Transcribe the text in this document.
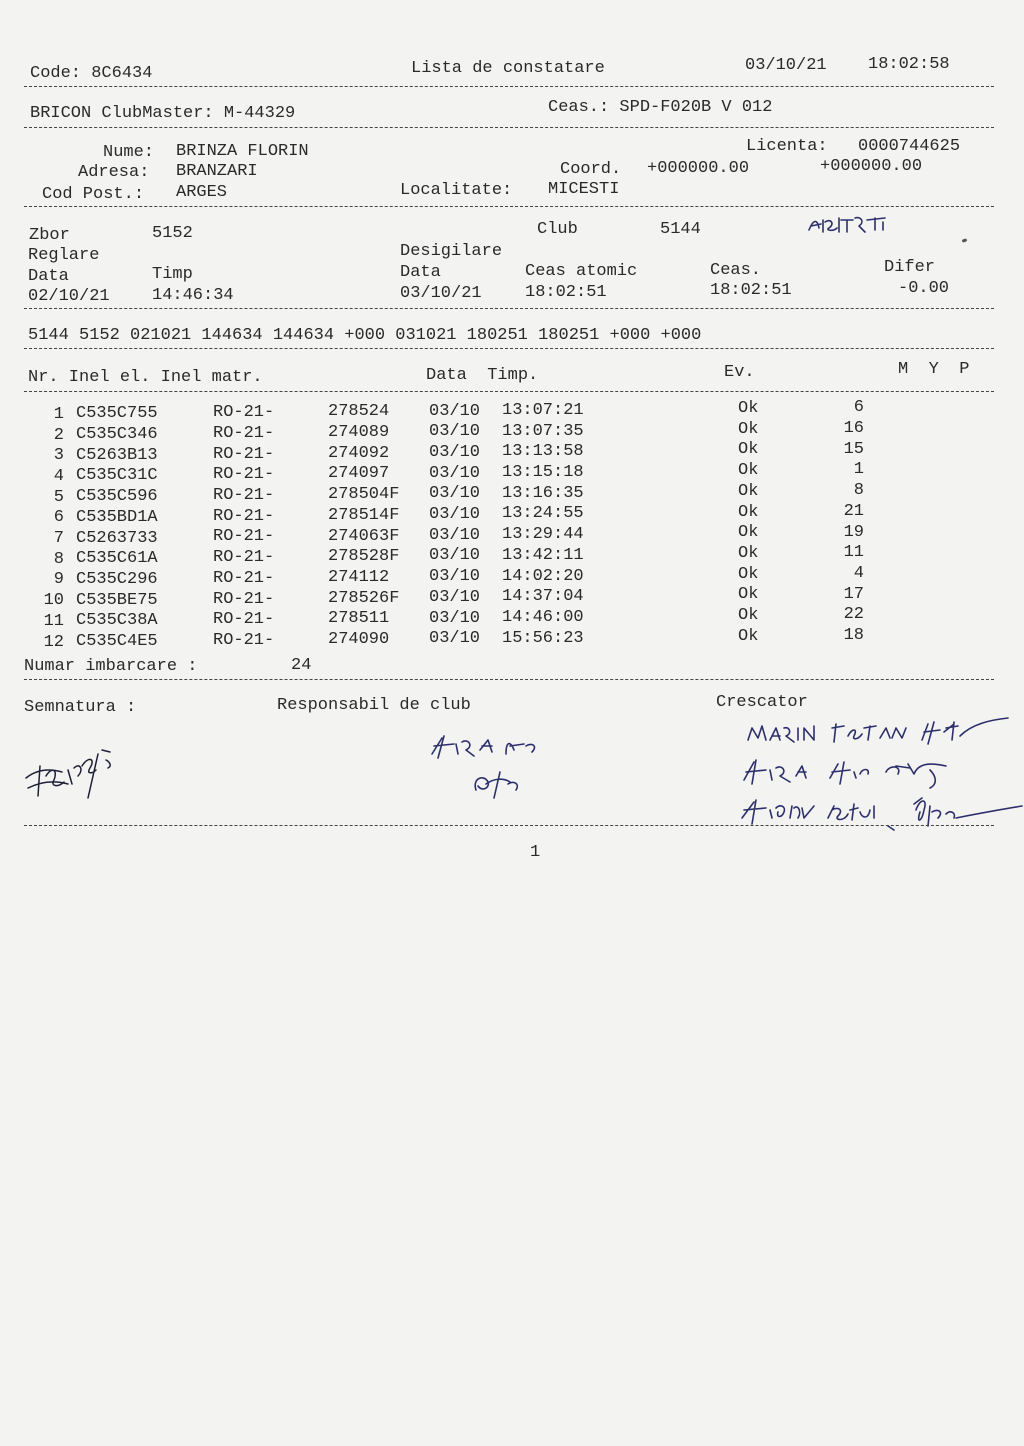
Code: 8C6434	Lista de constatare	03/10/21 18:02:58
BRICON ClubMaster: M-44329	Ceas.: SPD-F020B V 012
Nume: BRINZA FLORIN	Licenta: 0000744625
Adresa: BRANZARI	Coord. +000000.00	+000000.00
Cod Post.: ARGES	Localitate: MICESTI
Zbor	5152	Club	5144
Reglare	Desigilare
Data	Timp	Data	Ceas atomic	Ceas.	Difer
02/10/21 14:46:34	03/10/21	18:02:51	18:02:51	-0.00
5144 5152 021021 144634 144634 +000 031021 180251 180251 +000 +000
Nr. Inel el. Inel matr.	Data  Timp.	Ev.	M  Y  P
1 C535C755	RO-21-	278524 03/10 13:07:21	Ok	6
2 C535C346	RO-21-	274089 03/10 13:07:35	Ok	16
3 C5263B13	RO-21-	274092 03/10 13:13:58	Ok	15
4 C535C31C	RO-21-	274097 03/10 13:15:18	Ok	1
5 C535C596	RO-21-	278504F 03/10 13:16:35	Ok	8
6 C535BD1A	RO-21-	278514F 03/10 13:24:55	Ok	21
7 C5263733	RO-21-	274063F 03/10 13:29:44	Ok	19
8 C535C61A	RO-21-	278528F 03/10 13:42:11	Ok	11
9 C535C296	RO-21-	274112 03/10 14:02:20	Ok	4
10 C535BE75	RO-21-	278526F 03/10 14:37:04	Ok	17
11 C535C38A	RO-21-	278511 03/10 14:46:00	Ok	22
12 C535C4E5	RO-21-	274090 03/10 15:56:23	Ok	18
Numar imbarcare :	24
Semnatura :	Responsabil de club	Crescator
1
